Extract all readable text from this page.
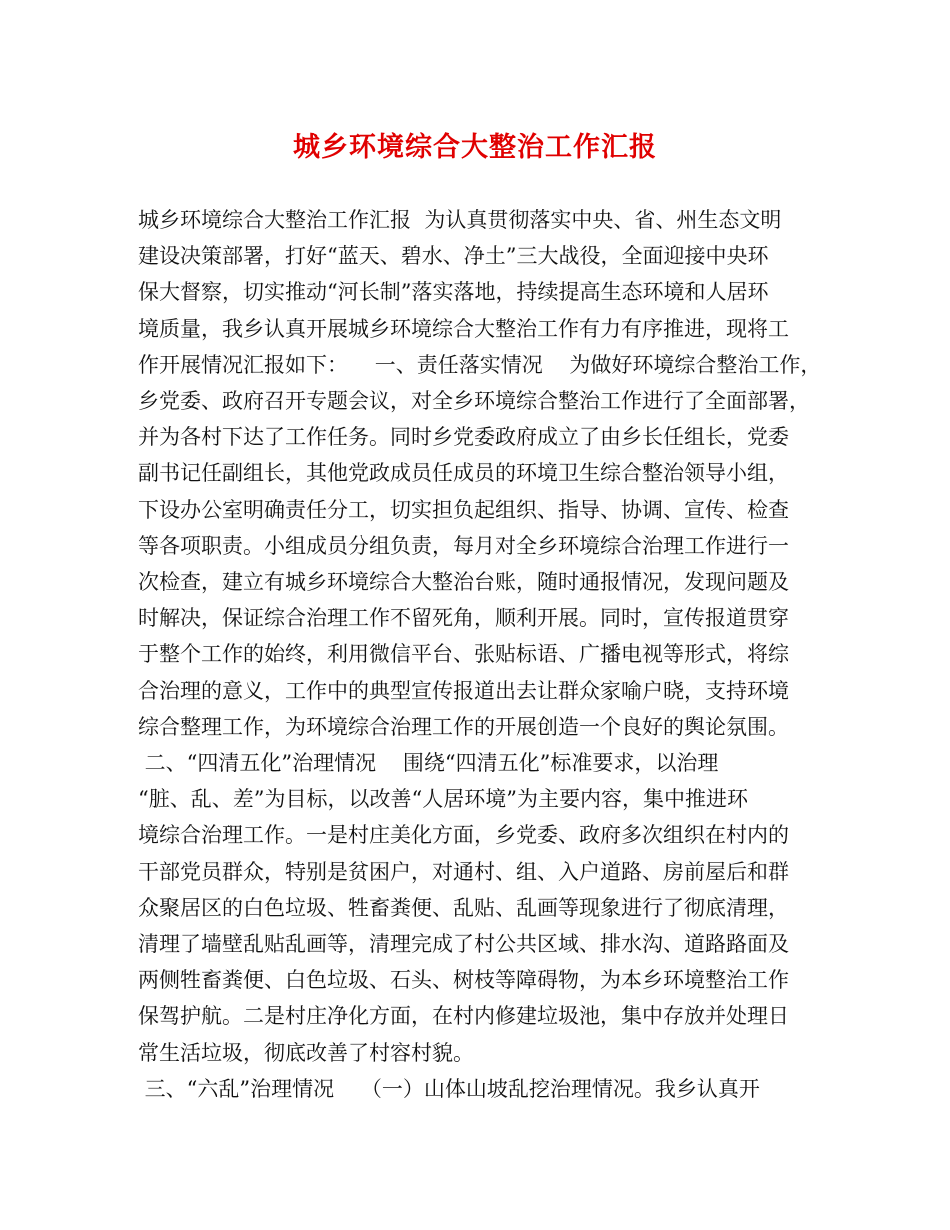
城乡环境综合大整治工作汇报
城乡环境综合大整治工作汇报  为认真贯彻落实中央、省、州生态文明
建设决策部署，打好“蓝天、碧水、净土”三大战役，全面迎接中央环
保大督察，切实推动“河长制”落实落地，持续提高生态环境和人居环
境质量，我乡认真开展城乡环境综合大整治工作有力有序推进，现将工
作开展情况汇报如下：    一、责任落实情况    为做好环境综合整治工作，
乡党委、政府召开专题会议，对全乡环境综合整治工作进行了全面部署，
并为各村下达了工作任务。同时乡党委政府成立了由乡长任组长，党委
副书记任副组长，其他党政成员任成员的环境卫生综合整治领导小组，
下设办公室明确责任分工，切实担负起组织、指导、协调、宣传、检查
等各项职责。小组成员分组负责，每月对全乡环境综合治理工作进行一
次检查，建立有城乡环境综合大整治台账，随时通报情况，发现问题及
时解决，保证综合治理工作不留死角，顺利开展。同时，宣传报道贯穿
于整个工作的始终，利用微信平台、张贴标语、广播电视等形式，将综
合治理的意义，工作中的典型宣传报道出去让群众家喻户晓，支持环境
综合整理工作，为环境综合治理工作的开展创造一个良好的舆论氛围。
二、“四清五化”治理情况    围绕“四清五化”标准要求，以治理
“脏、乱、差”为目标，以改善“人居环境”为主要内容，集中推进环
境综合治理工作。一是村庄美化方面，乡党委、政府多次组织在村内的
干部党员群众，特别是贫困户，对通村、组、入户道路、房前屋后和群
众聚居区的白色垃圾、牲畜粪便、乱贴、乱画等现象进行了彻底清理，
清理了墙壁乱贴乱画等，清理完成了村公共区域、排水沟、道路路面及
两侧牲畜粪便、白色垃圾、石头、树枝等障碍物，为本乡环境整治工作
保驾护航。二是村庄净化方面，在村内修建垃圾池，集中存放并处理日
常生活垃圾，彻底改善了村容村貌。
三、“六乱”治理情况    （一）山体山坡乱挖治理情况。我乡认真开
